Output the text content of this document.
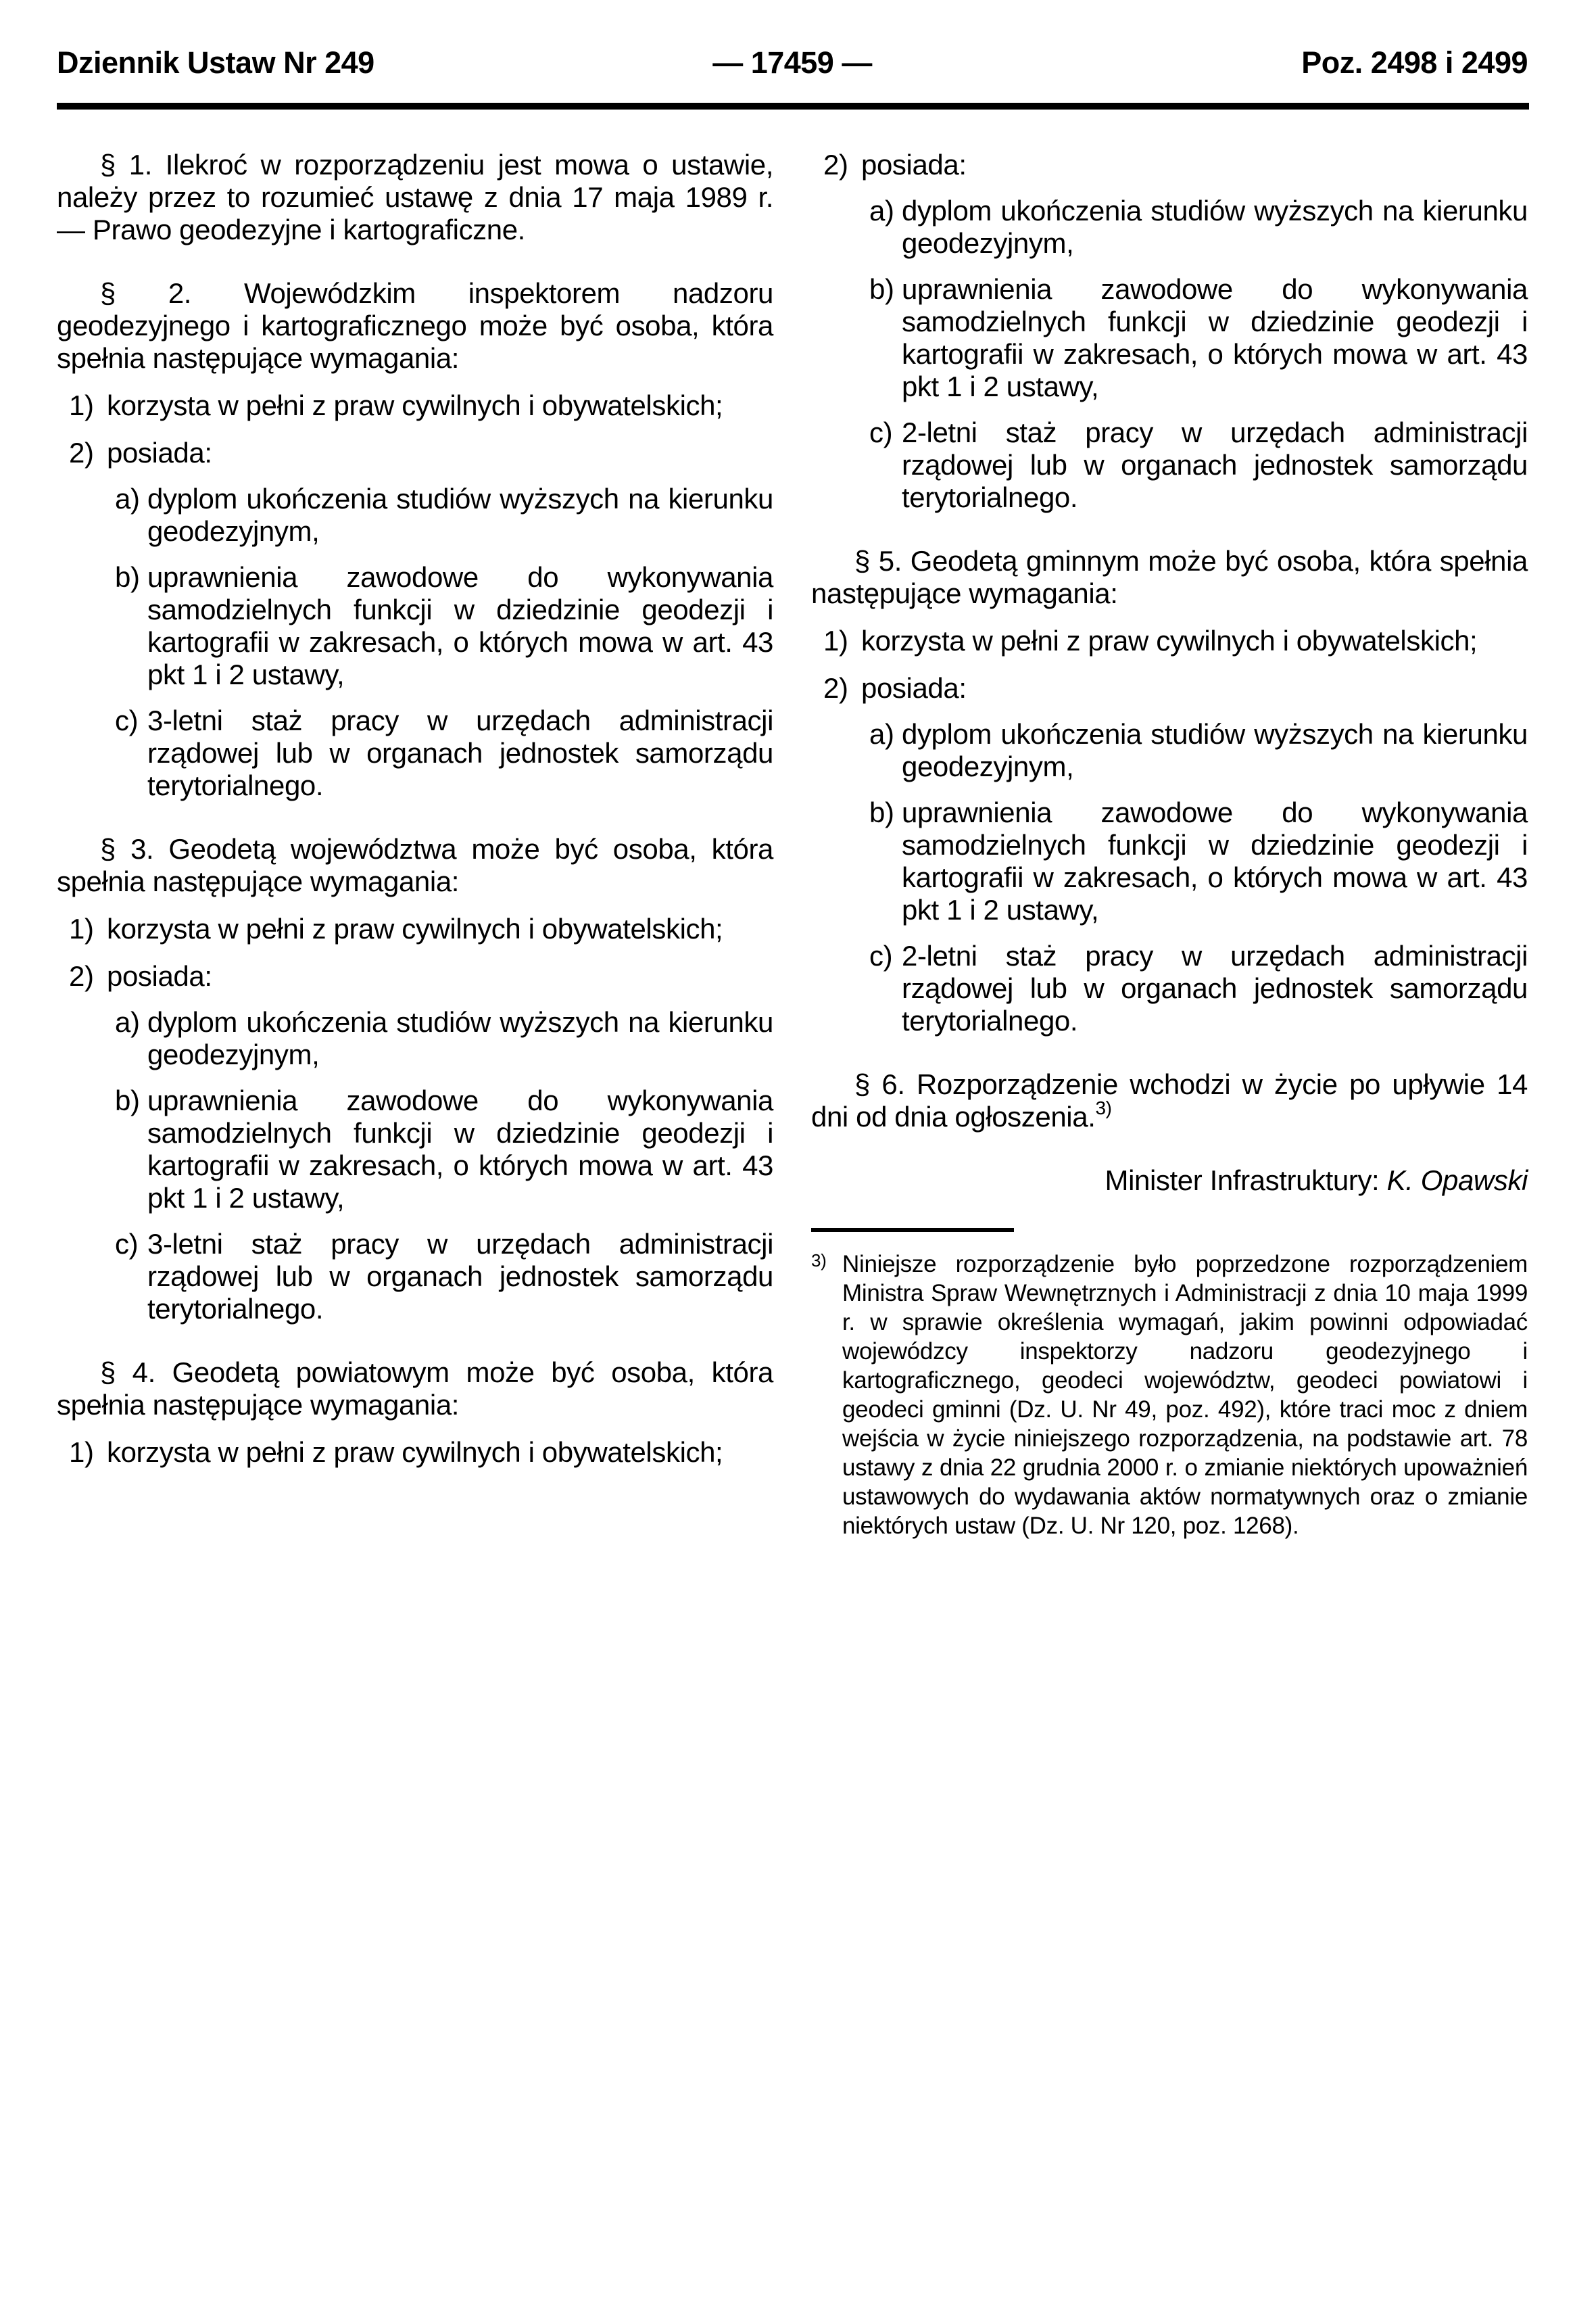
Dziennik Ustaw Nr 249	— 17459 —	Poz. 2498 i 2499

§ 1. Ilekroć w rozporządzeniu jest mowa o ustawie, należy przez to rozumieć ustawę z dnia 17 maja 1989 r. — Prawo geodezyjne i kartograficzne.

§ 2. Wojewódzkim inspektorem nadzoru geodezyjnego i kartograficznego może być osoba, która spełnia następujące wymagania:

1) korzysta w pełni z praw cywilnych i obywatelskich;
2) posiada:
a) dyplom ukończenia studiów wyższych na kierunku geodezyjnym,
b) uprawnienia zawodowe do wykonywania samodzielnych funkcji w dziedzinie geodezji i kartografii w zakresach, o których mowa w art. 43 pkt 1 i 2 ustawy,
c) 3-letni staż pracy w urzędach administracji rządowej lub w organach jednostek samorządu terytorialnego.

§ 3. Geodetą województwa może być osoba, która spełnia następujące wymagania:

1) korzysta w pełni z praw cywilnych i obywatelskich;
2) posiada:
a) dyplom ukończenia studiów wyższych na kierunku geodezyjnym,
b) uprawnienia zawodowe do wykonywania samodzielnych funkcji w dziedzinie geodezji i kartografii w zakresach, o których mowa w art. 43 pkt 1 i 2 ustawy,
c) 3-letni staż pracy w urzędach administracji rządowej lub w organach jednostek samorządu terytorialnego.

§ 4. Geodetą powiatowym może być osoba, która spełnia następujące wymagania:

1) korzysta w pełni z praw cywilnych i obywatelskich;
2) posiada:
a) dyplom ukończenia studiów wyższych na kierunku geodezyjnym,
b) uprawnienia zawodowe do wykonywania samodzielnych funkcji w dziedzinie geodezji i kartografii w zakresach, o których mowa w art. 43 pkt 1 i 2 ustawy,
c) 2-letni staż pracy w urzędach administracji rządowej lub w organach jednostek samorządu terytorialnego.

§ 5. Geodetą gminnym może być osoba, która spełnia następujące wymagania:

1) korzysta w pełni z praw cywilnych i obywatelskich;
2) posiada:
a) dyplom ukończenia studiów wyższych na kierunku geodezyjnym,
b) uprawnienia zawodowe do wykonywania samodzielnych funkcji w dziedzinie geodezji i kartografii w zakresach, o których mowa w art. 43 pkt 1 i 2 ustawy,
c) 2-letni staż pracy w urzędach administracji rządowej lub w organach jednostek samorządu terytorialnego.

§ 6. Rozporządzenie wchodzi w życie po upływie 14 dni od dnia ogłoszenia.$^{3)}$

Minister Infrastruktury: K. Opawski

3) Niniejsze rozporządzenie było poprzedzone rozporządzeniem Ministra Spraw Wewnętrznych i Administracji z dnia 10 maja 1999 r. w sprawie określenia wymagań, jakim powinni odpowiadać wojewódzcy inspektorzy nadzoru geodezyjnego i kartograficznego, geodeci województw, geodeci powiatowi i geodeci gminni (Dz. U. Nr 49, poz. 492), które traci moc z dniem wejścia w życie niniejszego rozporządzenia, na podstawie art. 78 ustawy z dnia 22 grudnia 2000 r. o zmianie niektórych upoważnień ustawowych do wydawania aktów normatywnych oraz o zmianie niektórych ustaw (Dz. U. Nr 120, poz. 1268).
